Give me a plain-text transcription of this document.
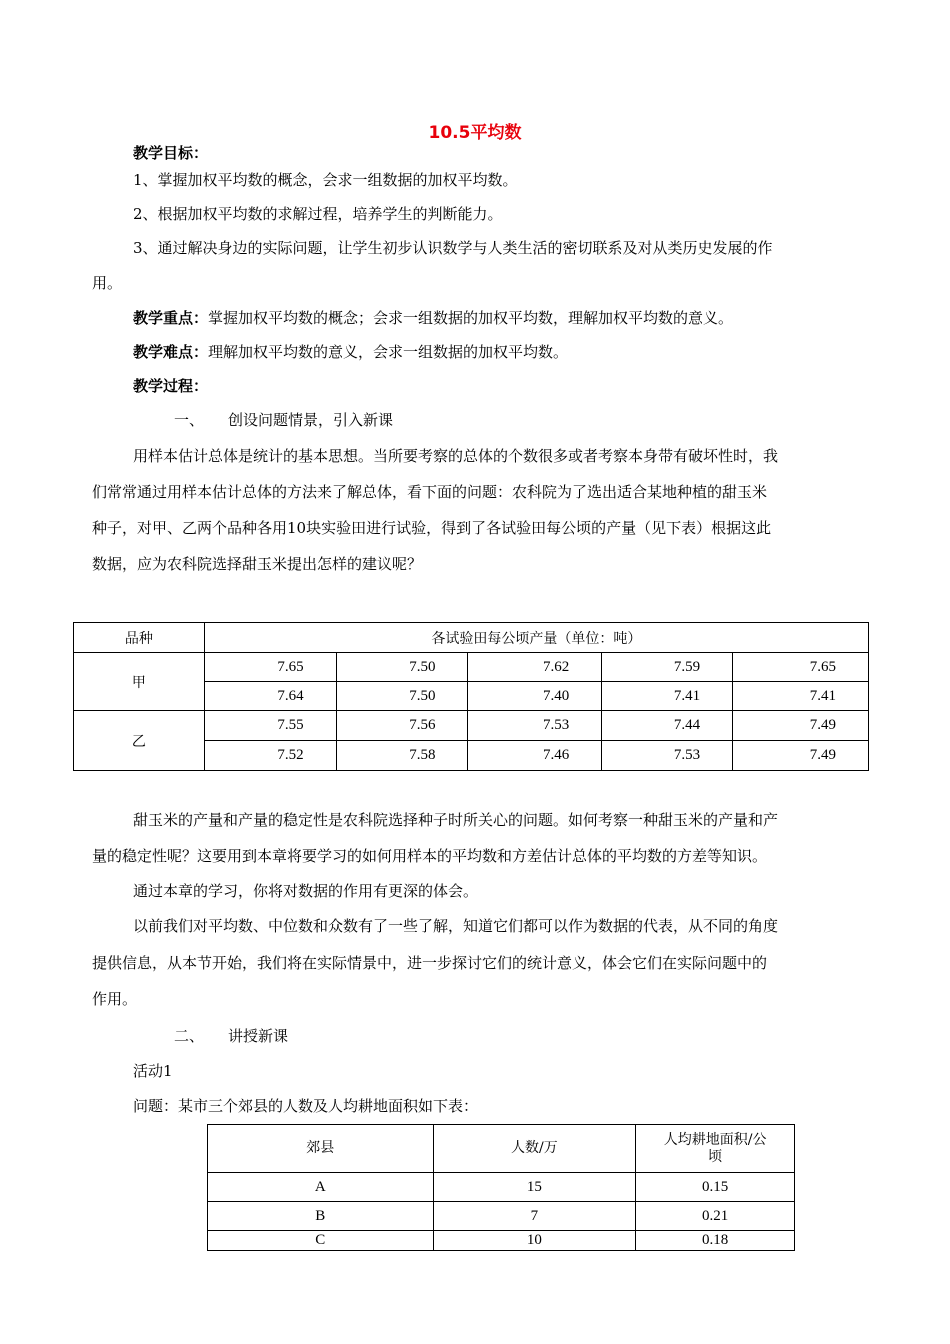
10.5平均数
教学目标：
1、掌握加权平均数的概念，会求一组数据的加权平均数。
2、根据加权平均数的求解过程，培养学生的判断能力。
3、通过解决身边的实际问题，让学生初步认识数学与人类生活的密切联系及对从类历史发展的作
用。
教学重点：掌握加权平均数的概念；会求一组数据的加权平均数，理解加权平均数的意义。
教学难点：理解加权平均数的意义，会求一组数据的加权平均数。
教学过程：
一、 创设问题情景，引入新课
用样本估计总体是统计的基本思想。当所要考察的总体的个数很多或者考察本身带有破坏性时，我
们常常通过用样本估计总体的方法来了解总体，看下面的问题：农科院为了选出适合某地种植的甜玉米
种子，对甲、乙两个品种各用10块实验田进行试验，得到了各试验田每公顷的产量（见下表）根据这此
数据，应为农科院选择甜玉米提出怎样的建议呢？
品种	各试验田每公顷产量（单位：吨）				
甲	7.65	7.50	7.62	7.59	7.65
	7.64	7.50	7.40	7.41	7.41
乙	7.55	7.56	7.53	7.44	7.49
	7.52	7.58	7.46	7.53	7.49
甜玉米的产量和产量的稳定性是农科院选择种子时所关心的问题。如何考察一种甜玉米的产量和产
量的稳定性呢？这要用到本章将要学习的如何用样本的平均数和方差估计总体的平均数的方差等知识。
通过本章的学习，你将对数据的作用有更深的体会。
以前我们对平均数、中位数和众数有了一些了解，知道它们都可以作为数据的代表，从不同的角度
提供信息，从本节开始，我们将在实际情景中，进一步探讨它们的统计意义，体会它们在实际问题中的
作用。
二、 讲授新课
活动1
问题：某市三个郊县的人数及人均耕地面积如下表：
郊县	人数/万	人均耕地面积/公
顷
A	15	0.15
B	7	0.21
C	10	0.18
